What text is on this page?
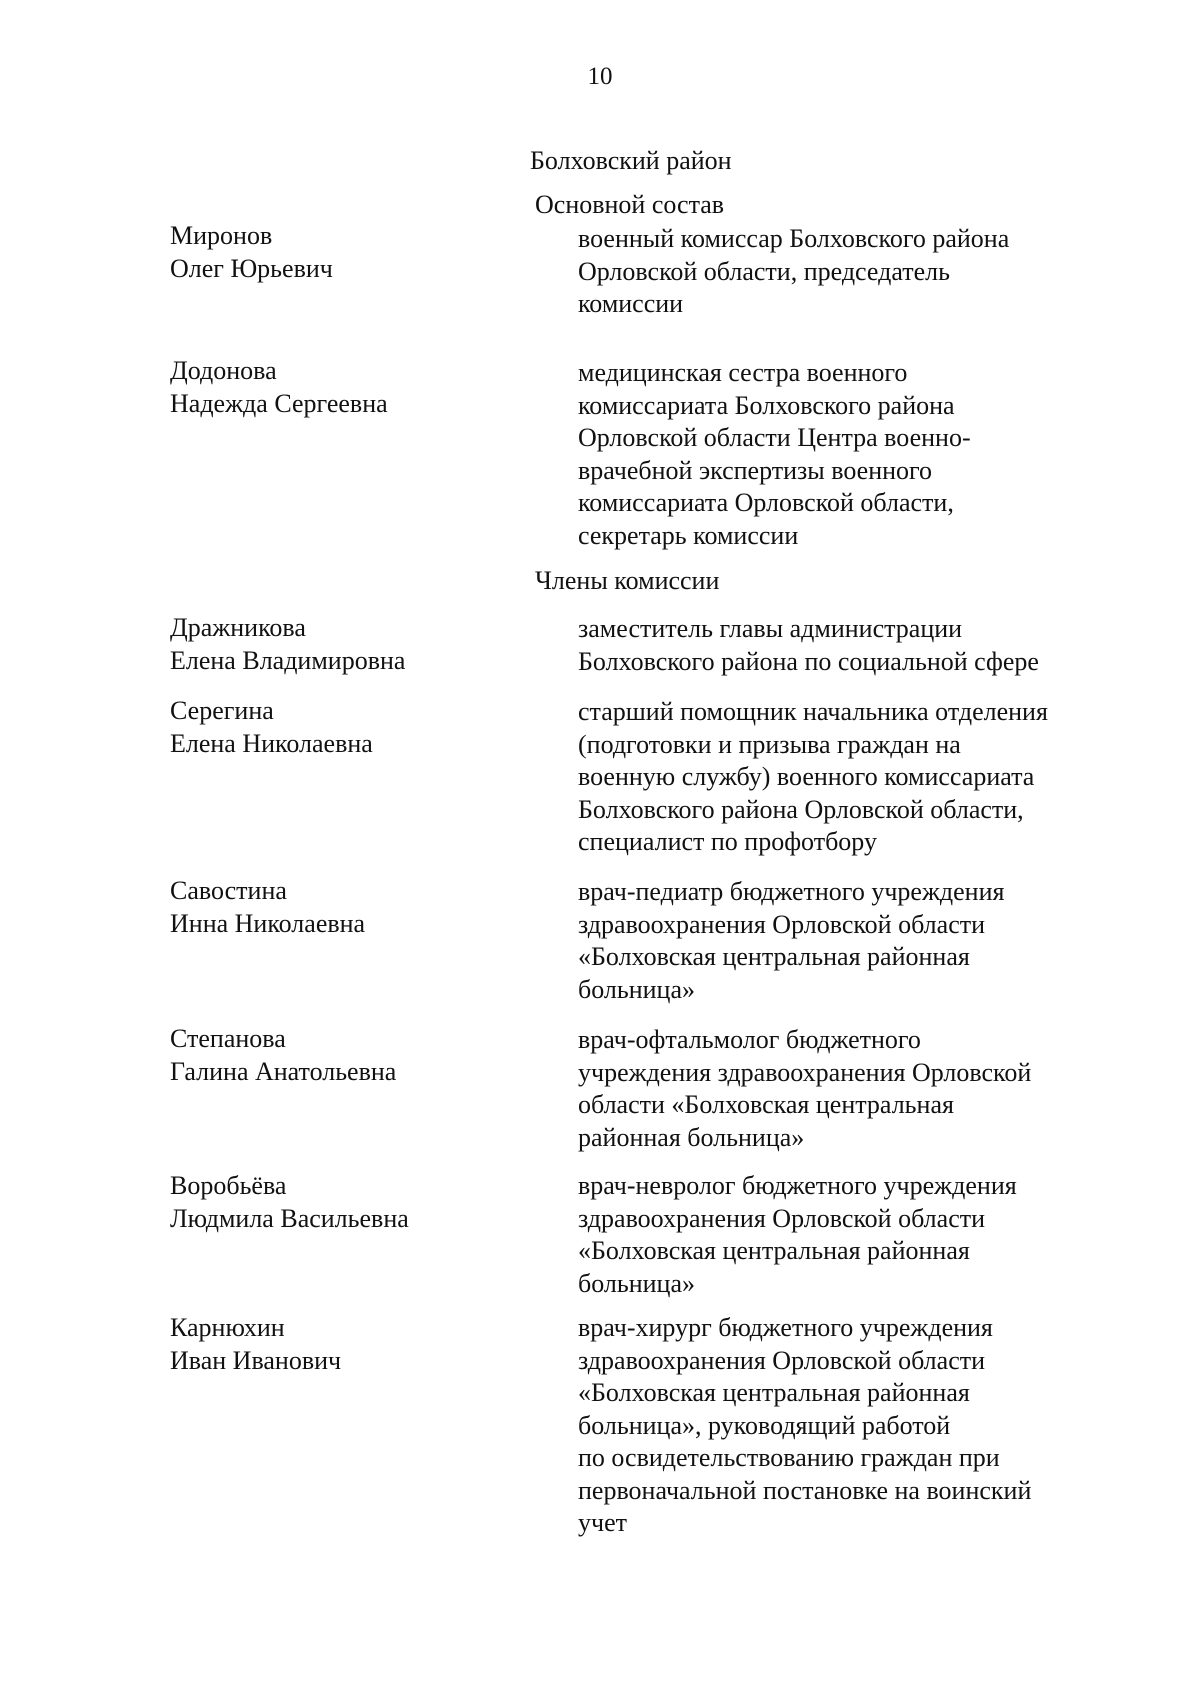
10
Болховский район
Основной состав
Миронов
Олег Юрьевич
военный комиссар Болховского района
Орловской области, председатель
комиссии
Додонова
Надежда Сергеевна
медицинская сестра военного
комиссариата Болховского района
Орловской области Центра военно-
врачебной экспертизы военного
комиссариата Орловской области,
секретарь комиссии
Члены комиссии
Дражникова
Елена Владимировна
заместитель главы администрации
Болховского района по социальной сфере
Серегина
Елена Николаевна
старший помощник начальника отделения
(подготовки и призыва граждан на
военную службу) военного комиссариата
Болховского района Орловской области,
специалист по профотбору
Савостина
Инна Николаевна
врач-педиатр бюджетного учреждения
здравоохранения Орловской области
«Болховская центральная районная
больница»
Степанова
Галина Анатольевна
врач-офтальмолог бюджетного
учреждения здравоохранения Орловской
области «Болховская центральная
районная больница»
Воробьёва
Людмила Васильевна
врач-невролог бюджетного учреждения
здравоохранения Орловской области
«Болховская центральная районная
больница»
Карнюхин
Иван Иванович
врач-хирург бюджетного учреждения
здравоохранения Орловской области
«Болховская центральная районная
больница», руководящий работой
по освидетельствованию граждан при
первоначальной постановке на воинский
учет
